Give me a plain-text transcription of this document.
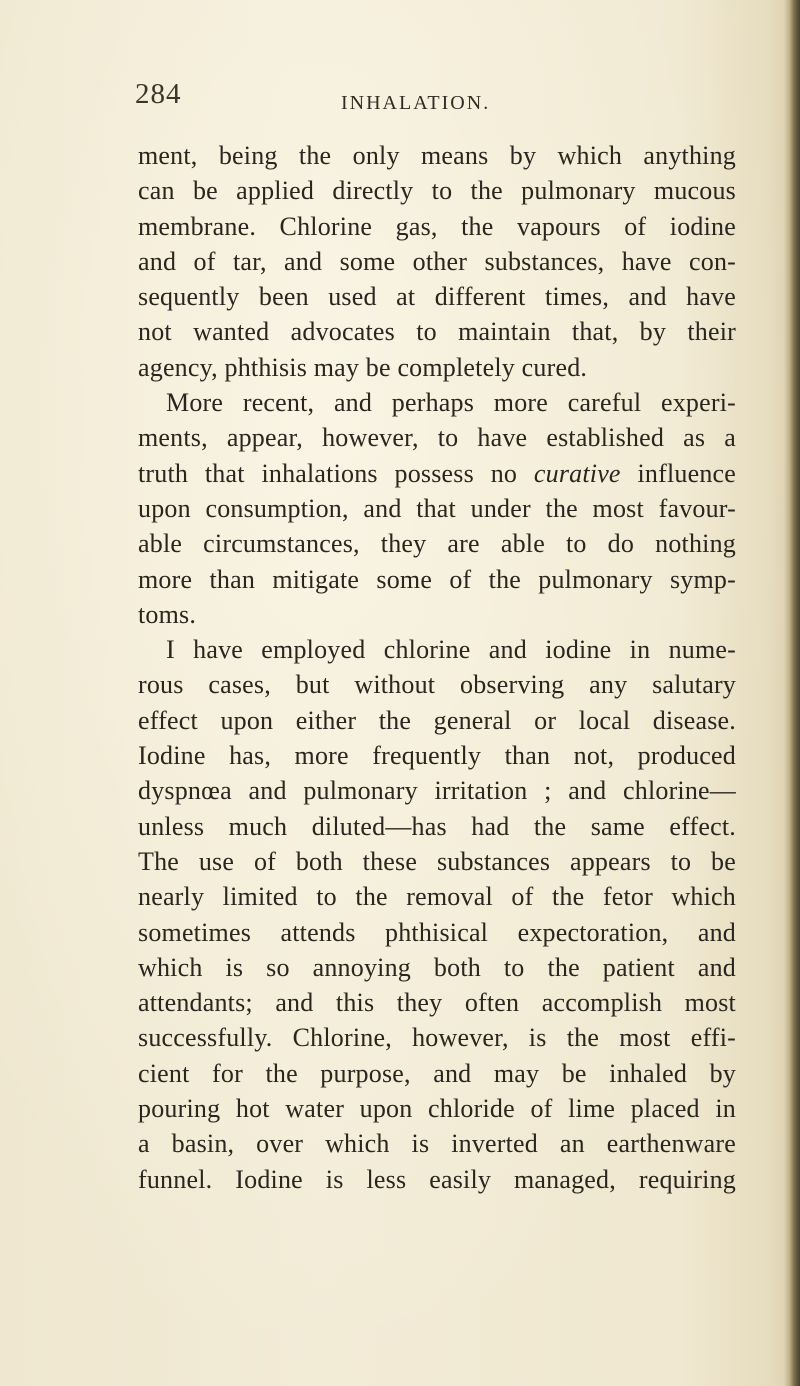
284	INHALATION.
ment, being the only means by which anything
can be applied directly to the pulmonary mucous
membrane. Chlorine gas, the vapours of iodine
and of tar, and some other substances, have con-
sequently been used at different times, and have
not wanted advocates to maintain that, by their
agency, phthisis may be completely cured.
More recent, and perhaps more careful experi-
ments, appear, however, to have established as a
truth that inhalations possess no curative influence
upon consumption, and that under the most favour-
able circumstances, they are able to do nothing
more than mitigate some of the pulmonary symp-
toms.
I have employed chlorine and iodine in nume-
rous cases, but without observing any salutary
effect upon either the general or local disease.
Iodine has, more frequently than not, produced
dyspnœa and pulmonary irritation ; and chlorine—
unless much diluted—has had the same effect.
The use of both these substances appears to be
nearly limited to the removal of the fetor which
sometimes attends phthisical expectoration, and
which is so annoying both to the patient and
attendants; and this they often accomplish most
successfully. Chlorine, however, is the most effi-
cient for the purpose, and may be inhaled by
pouring hot water upon chloride of lime placed in
a basin, over which is inverted an earthenware
funnel. Iodine is less easily managed, requiring
